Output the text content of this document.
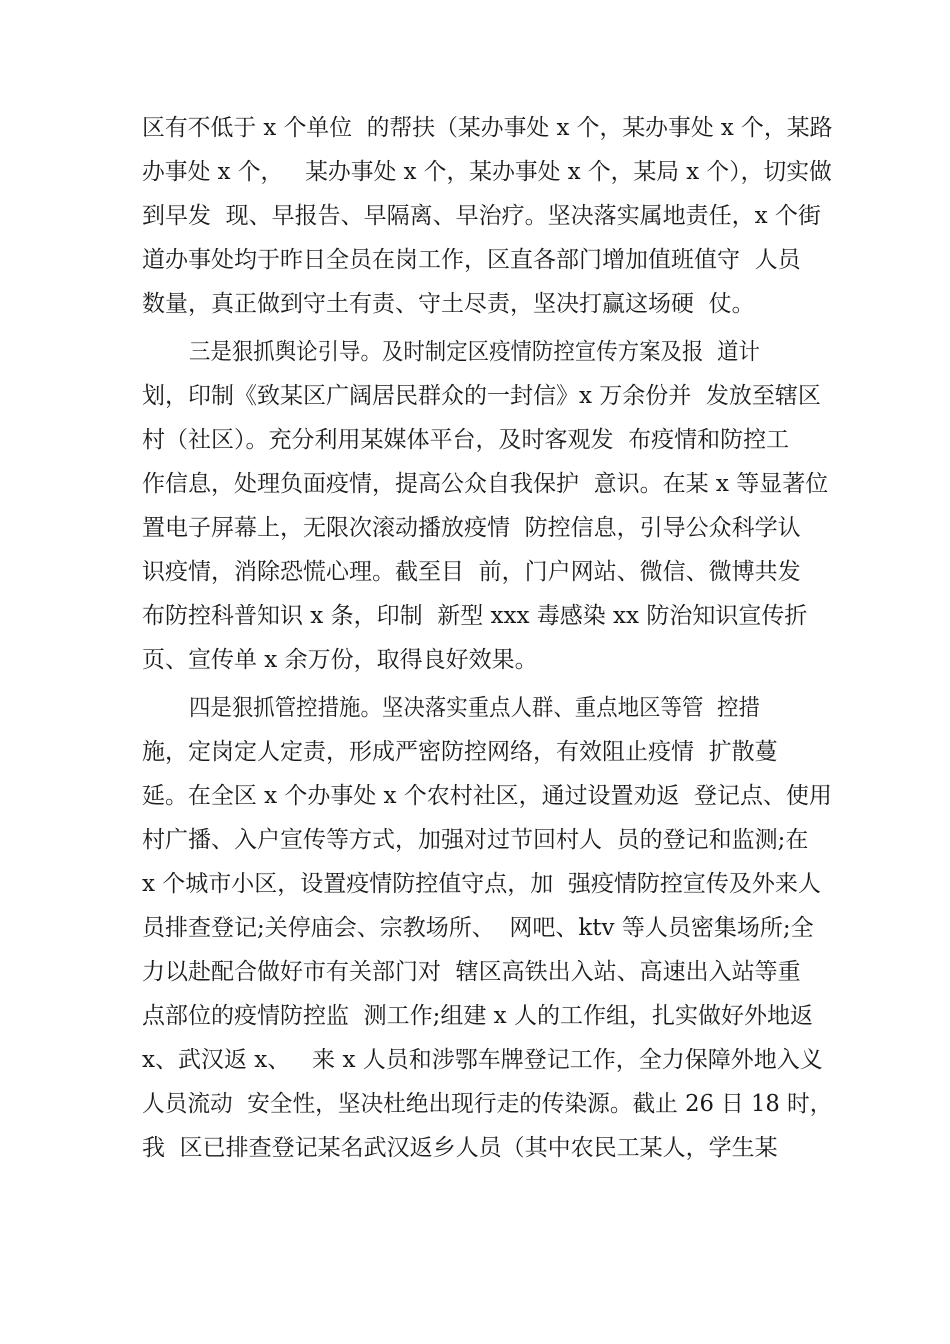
区有不低于 x 个单位  的帮扶（某办事处 x 个，某办事处 x 个，某路
办事处 x 个，   某办事处 x 个，某办事处 x 个，某局 x 个），切实做
到早发  现、早报告、早隔离、早治疗。坚决落实属地责任，x 个街
道办事处均于昨日全员在岗工作，区直各部门增加值班值守  人员
数量，真正做到守土有责、守土尽责，坚决打赢这场硬  仗。
三是狠抓舆论引导。及时制定区疫情防控宣传方案及报  道计
划，印制《致某区广阔居民群众的一封信》x 万余份并  发放至辖区
村（社区）。充分利用某媒体平台，及时客观发  布疫情和防控工
作信息，处理负面疫情，提高公众自我保护  意识。在某 x 等显著位
置电子屏幕上，无限次滚动播放疫情  防控信息，引导公众科学认
识疫情，消除恐慌心理。截至目  前，门户网站、微信、微博共发
布防控科普知识 x 条，印制  新型 xxx 毒感染 xx 防治知识宣传折
页、宣传单 x 余万份，取得良好效果。
四是狠抓管控措施。坚决落实重点人群、重点地区等管  控措
施，定岗定人定责，形成严密防控网络，有效阻止疫情  扩散蔓
延。在全区 x 个办事处 x 个农村社区，通过设置劝返  登记点、使用
村广播、入户宣传等方式，加强对过节回村人  员的登记和监测;在
x 个城市小区，设置疫情防控值守点，加  强疫情防控宣传及外来人
员排查登记;关停庙会、宗教场所、  网吧、ktv 等人员密集场所;全
力以赴配合做好市有关部门对  辖区高铁出入站、高速出入站等重
点部位的疫情防控监  测工作;组建 x 人的工作组，扎实做好外地返
x、武汉返 x、   来 x 人员和涉鄂车牌登记工作，全力保障外地入义
人员流动  安全性，坚决杜绝出现行走的传染源。截止 26 日 18 时，
我  区已排查登记某名武汉返乡人员（其中农民工某人，学生某
